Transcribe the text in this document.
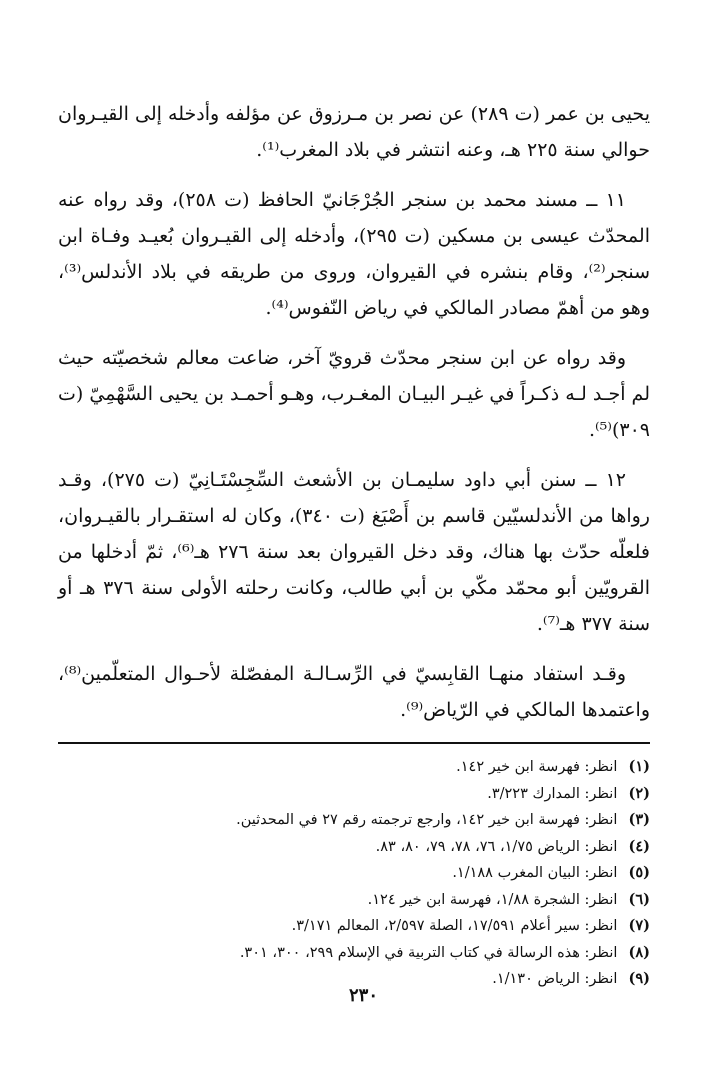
يحيى بن عمر (ت ٢٨٩) عن نصر بن مـرزوق عن مؤلفه وأدخله إلى القيـروان حوالي سنة ٢٢٥ هـ، وعنه انتشر في بلاد المغرب⁽¹⁾.

١١ ــ مسند محمد بن سنجر الجُرْجَانيّ الحافظ (ت ٢٥٨)، وقد رواه عنه المحدّث عيسى بن مسكين (ت ٢٩٥)، وأدخله إلى القيـروان بُعيـد وفـاة ابن سنجر⁽²⁾، وقام بنشره في القيروان، وروى من طريقه في بلاد الأندلس⁽³⁾، وهو من أهمّ مصادر المالكي في رياض النّفوس⁽⁴⁾.

وقد رواه عن ابن سنجر محدّث قرويّ آخر، ضاعت معالم شخصيّته حيث لم أجـد لـه ذكـراً في غيـر البيـان المغـرب، وهـو أحمـد بن يحيى السَّهْمِيّ (ت ٣٠٩)⁽⁵⁾.

١٢ ــ سنن أبي داود سليمـان بن الأشعث السِّجِسْتَـانِيّ (ت ٢٧٥)، وقـد رواها من الأندلسيّين قاسم بن أَصْبَغ (ت ٣٤٠)، وكان له استقـرار بالقيـروان، فلعلّه حدّث بها هناك، وقد دخل القيروان بعد سنة ٢٧٦ هـ⁽⁶⁾، ثمّ أدخلها من القرويّين أبو محمّد مكّي بن أبي طالب، وكانت رحلته الأولى سنة ٣٧٦ هـ أو سنة ٣٧٧ هـ⁽⁷⁾.

وقـد استفاد منهـا القابِسيّ في الرِّسـالـة المفصّلة لأحـوال المتعلّمين⁽⁸⁾، واعتمدها المالكي في الرّياض⁽⁹⁾.

(١) انظر: فهرسة ابن خير ١٤٢.

(٢) انظر: المدارك ٣/٢٢٣.

(٣) انظر: فهرسة ابن خير ١٤٢، وارجع ترجمته رقم ٢٧ في المحدثين.

(٤) انظر: الرياض ١/٧٥، ٧٦، ٧٨، ٧٩، ٨٠، ٨٣.

(٥) انظر: البيان المغرب ١/١٨٨.

(٦) انظر: الشجرة ١/٨٨، فهرسة ابن خير ١٢٤.

(٧) انظر: سير أعلام ١٧/٥٩١، الصلة ٢/٥٩٧، المعالم ٣/١٧١.

(٨) انظر: هذه الرسالة في كتاب التربية في الإسلام ٢٩٩، ٣٠٠، ٣٠١.

(٩) انظر: الرياض ١/١٣٠.

٢٣٠
